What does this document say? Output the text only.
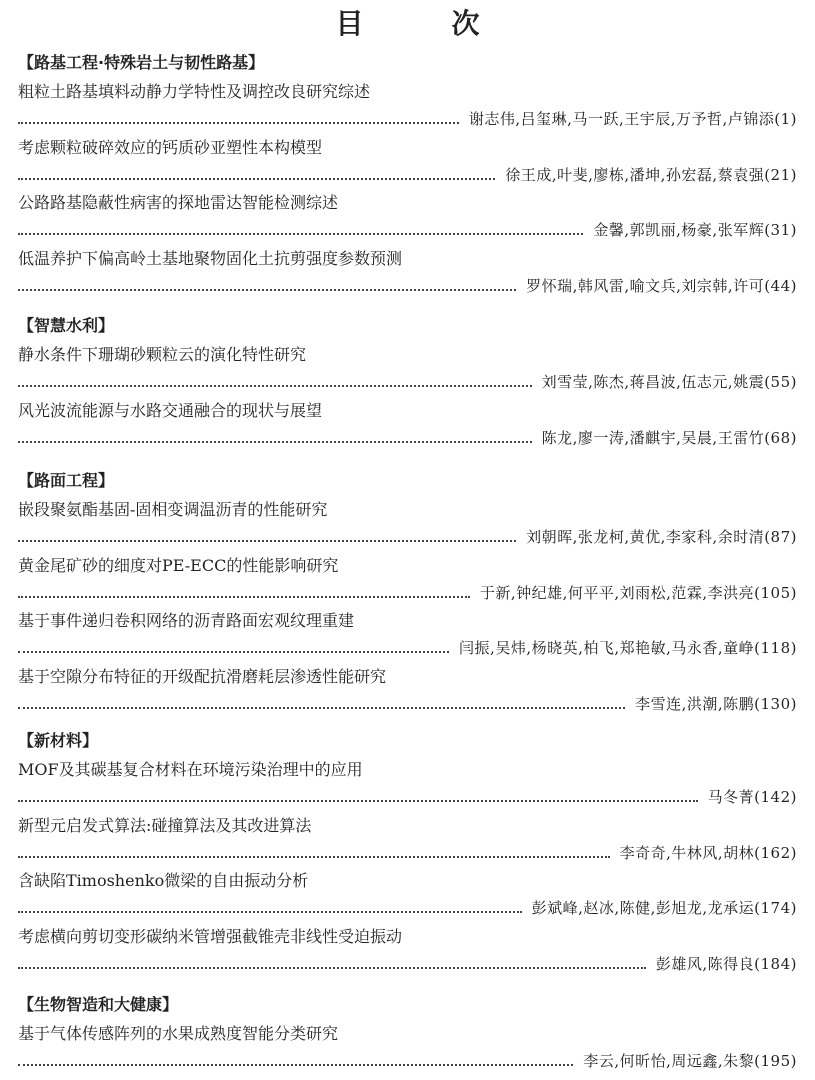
目　次
【路基工程·特殊岩土与韧性路基】
粗粒土路基填料动静力学特性及调控改良研究综述
谢志伟,吕玺琳,马一跃,王宇辰,万予哲,卢锦添(1)
考虑颗粒破碎效应的钙质砂亚塑性本构模型
徐王成,叶斐,廖栋,潘坤,孙宏磊,蔡袁强(21)
公路路基隐蔽性病害的探地雷达智能检测综述
金馨,郭凯丽,杨豪,张军辉(31)
低温养护下偏高岭土基地聚物固化土抗剪强度参数预测
罗怀瑞,韩风雷,喻文兵,刘宗韩,许可(44)
【智慧水利】
静水条件下珊瑚砂颗粒云的演化特性研究
刘雪莹,陈杰,蒋昌波,伍志元,姚震(55)
风光波流能源与水路交通融合的现状与展望
陈龙,廖一涛,潘麒宇,吴晨,王雷竹(68)
【路面工程】
嵌段聚氨酯基固-固相变调温沥青的性能研究
刘朝晖,张龙柯,黄优,李家科,余时清(87)
黄金尾矿砂的细度对PE-ECC的性能影响研究
于新,钟纪雄,何平平,刘雨松,范霖,李洪亮(105)
基于事件递归卷积网络的沥青路面宏观纹理重建
闫振,吴炜,杨晓英,柏飞,郑艳敏,马永香,童峥(118)
基于空隙分布特征的开级配抗滑磨耗层渗透性能研究
李雪连,洪潮,陈鹏(130)
【新材料】
MOF及其碳基复合材料在环境污染治理中的应用
马冬菁(142)
新型元启发式算法:碰撞算法及其改进算法
李奇奇,牛林风,胡林(162)
含缺陷Timoshenko微梁的自由振动分析
彭斌峰,赵冰,陈健,彭旭龙,龙承运(174)
考虑横向剪切变形碳纳米管增强截锥壳非线性受迫振动
彭雄风,陈得良(184)
【生物智造和大健康】
基于气体传感阵列的水果成熟度智能分类研究
李云,何昕怡,周远鑫,朱黎(195)
